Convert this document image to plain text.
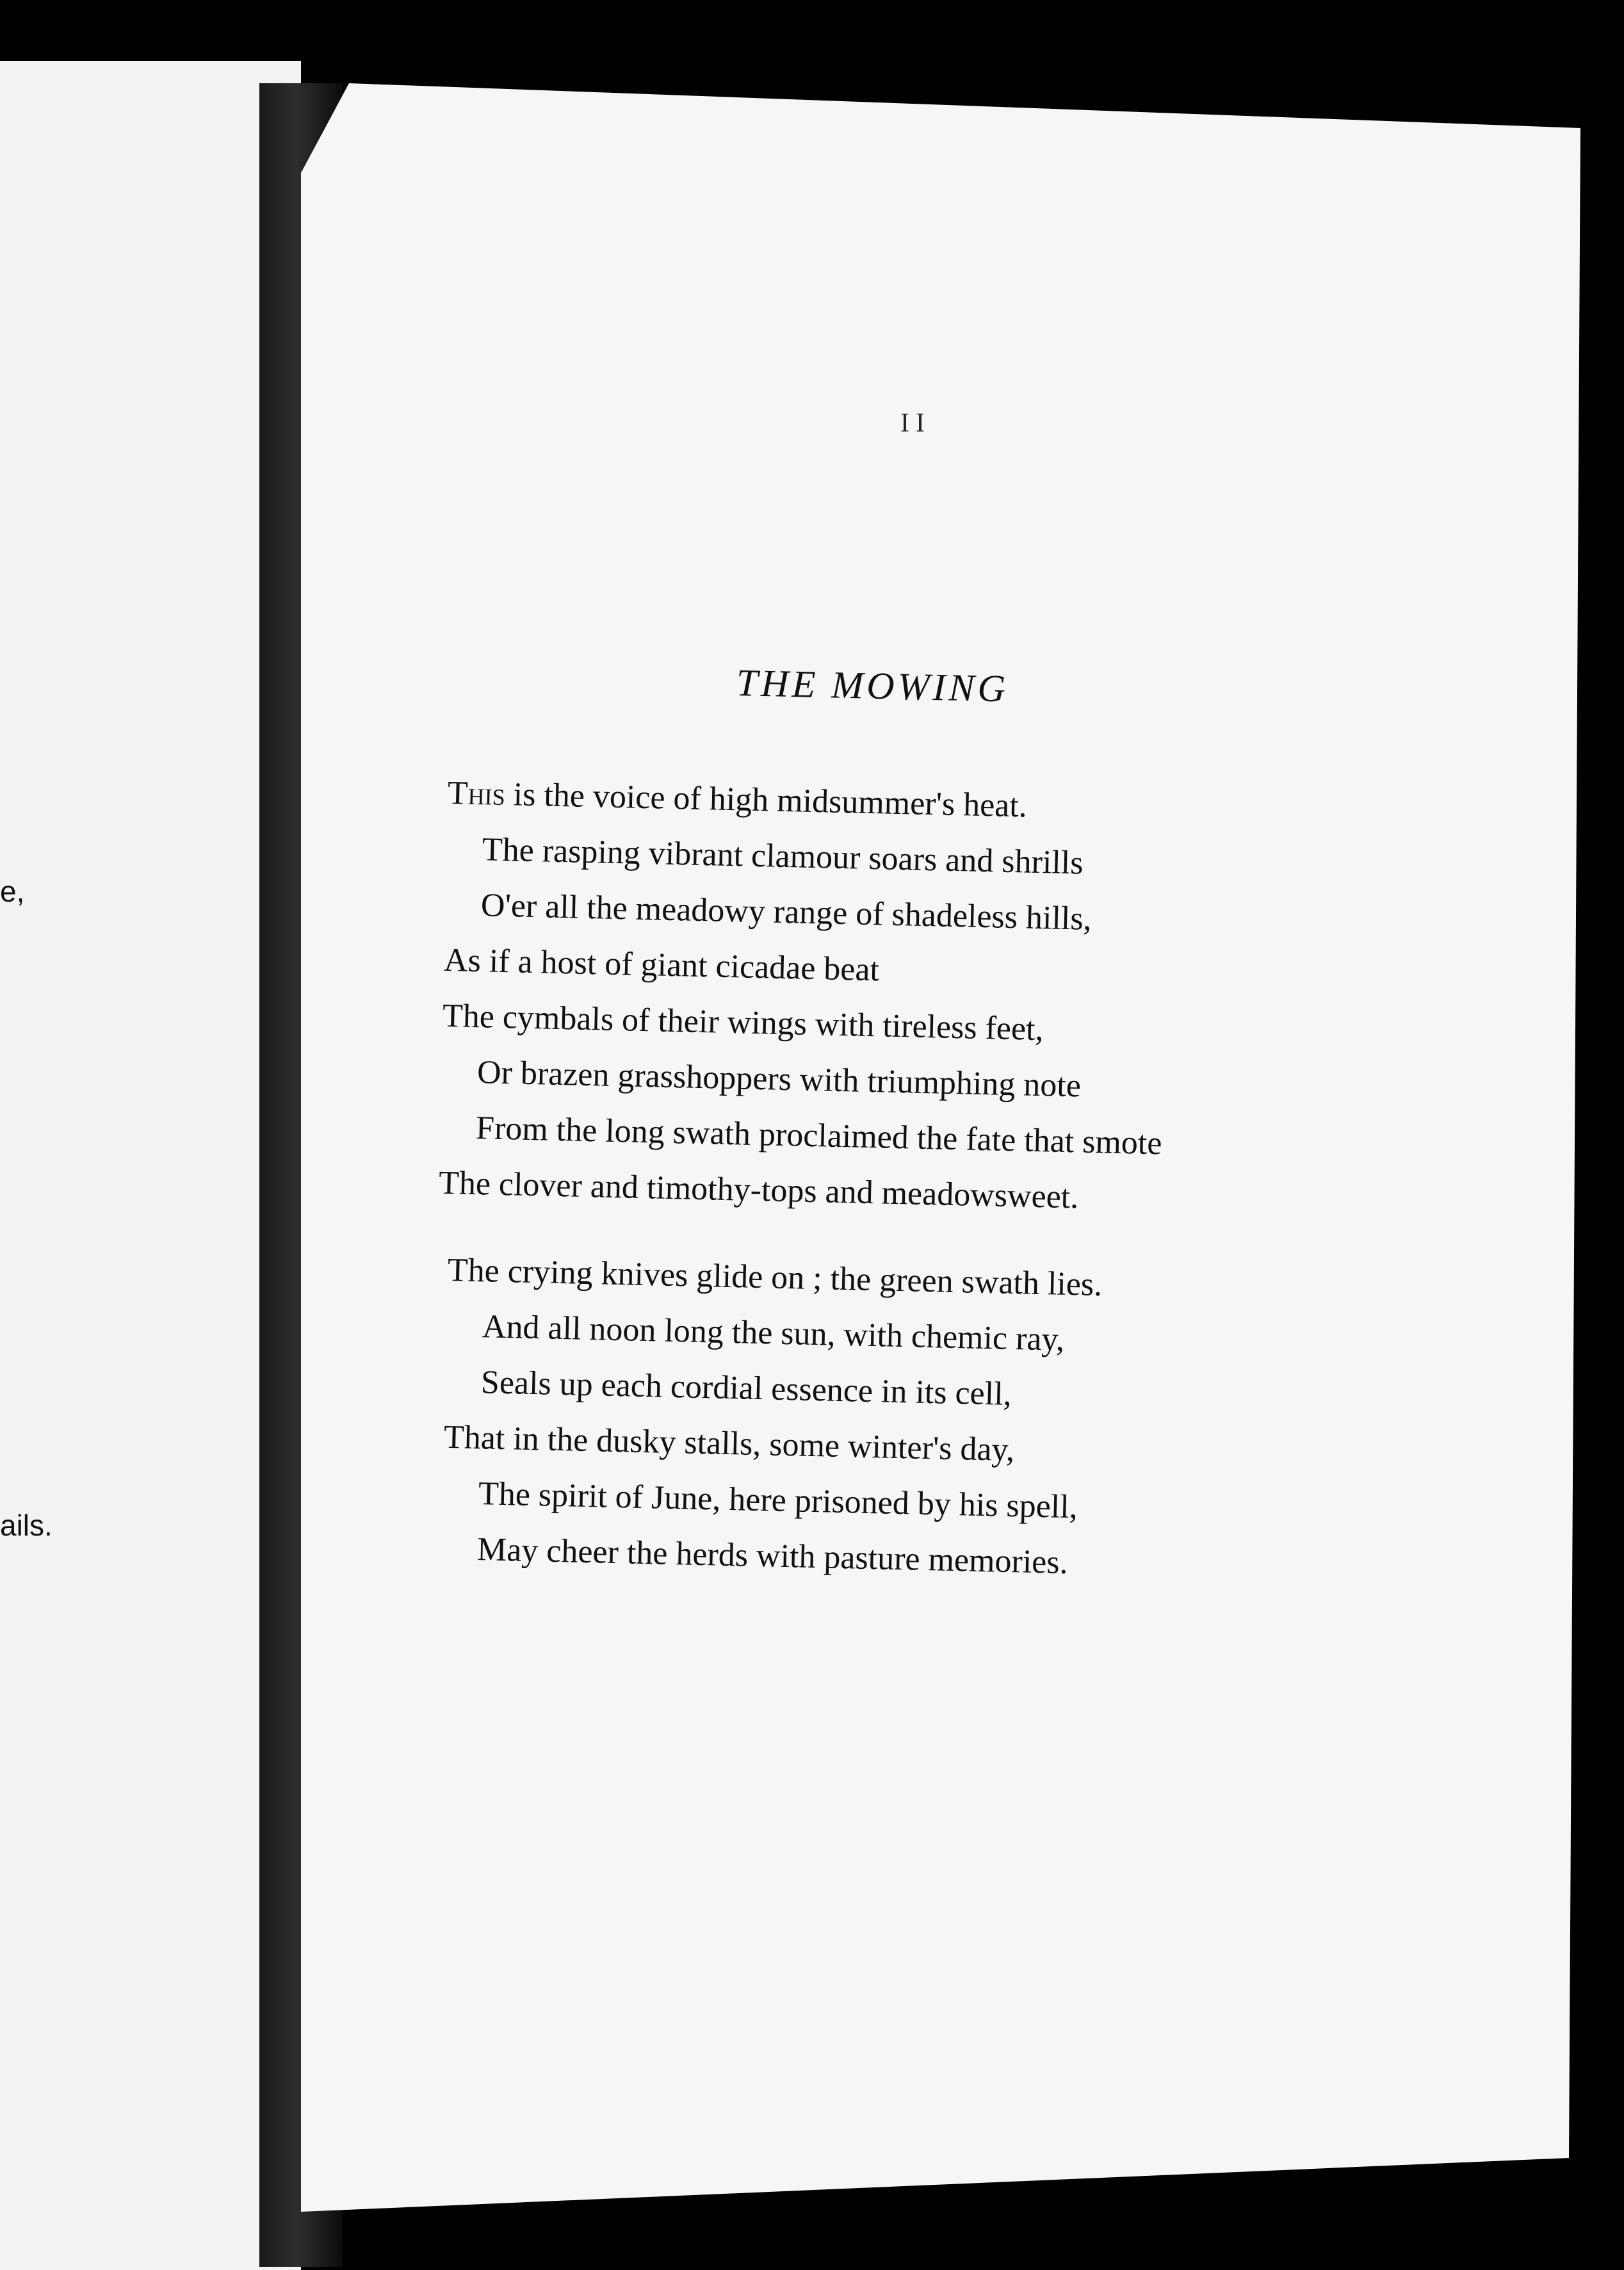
e,
ails.
II
THE MOWING
This is the voice of high midsummer's heat.
The rasping vibrant clamour soars and shrills
O'er all the meadowy range of shadeless hills,
As if a host of giant cicadae beat
The cymbals of their wings with tireless feet,
Or brazen grasshoppers with triumphing note
From the long swath proclaimed the fate that smote
The clover and timothy-tops and meadowsweet.
The crying knives glide on ; the green swath lies.
And all noon long the sun, with chemic ray,
Seals up each cordial essence in its cell,
That in the dusky stalls, some winter's day,
The spirit of June, here prisoned by his spell,
May cheer the herds with pasture memories.
